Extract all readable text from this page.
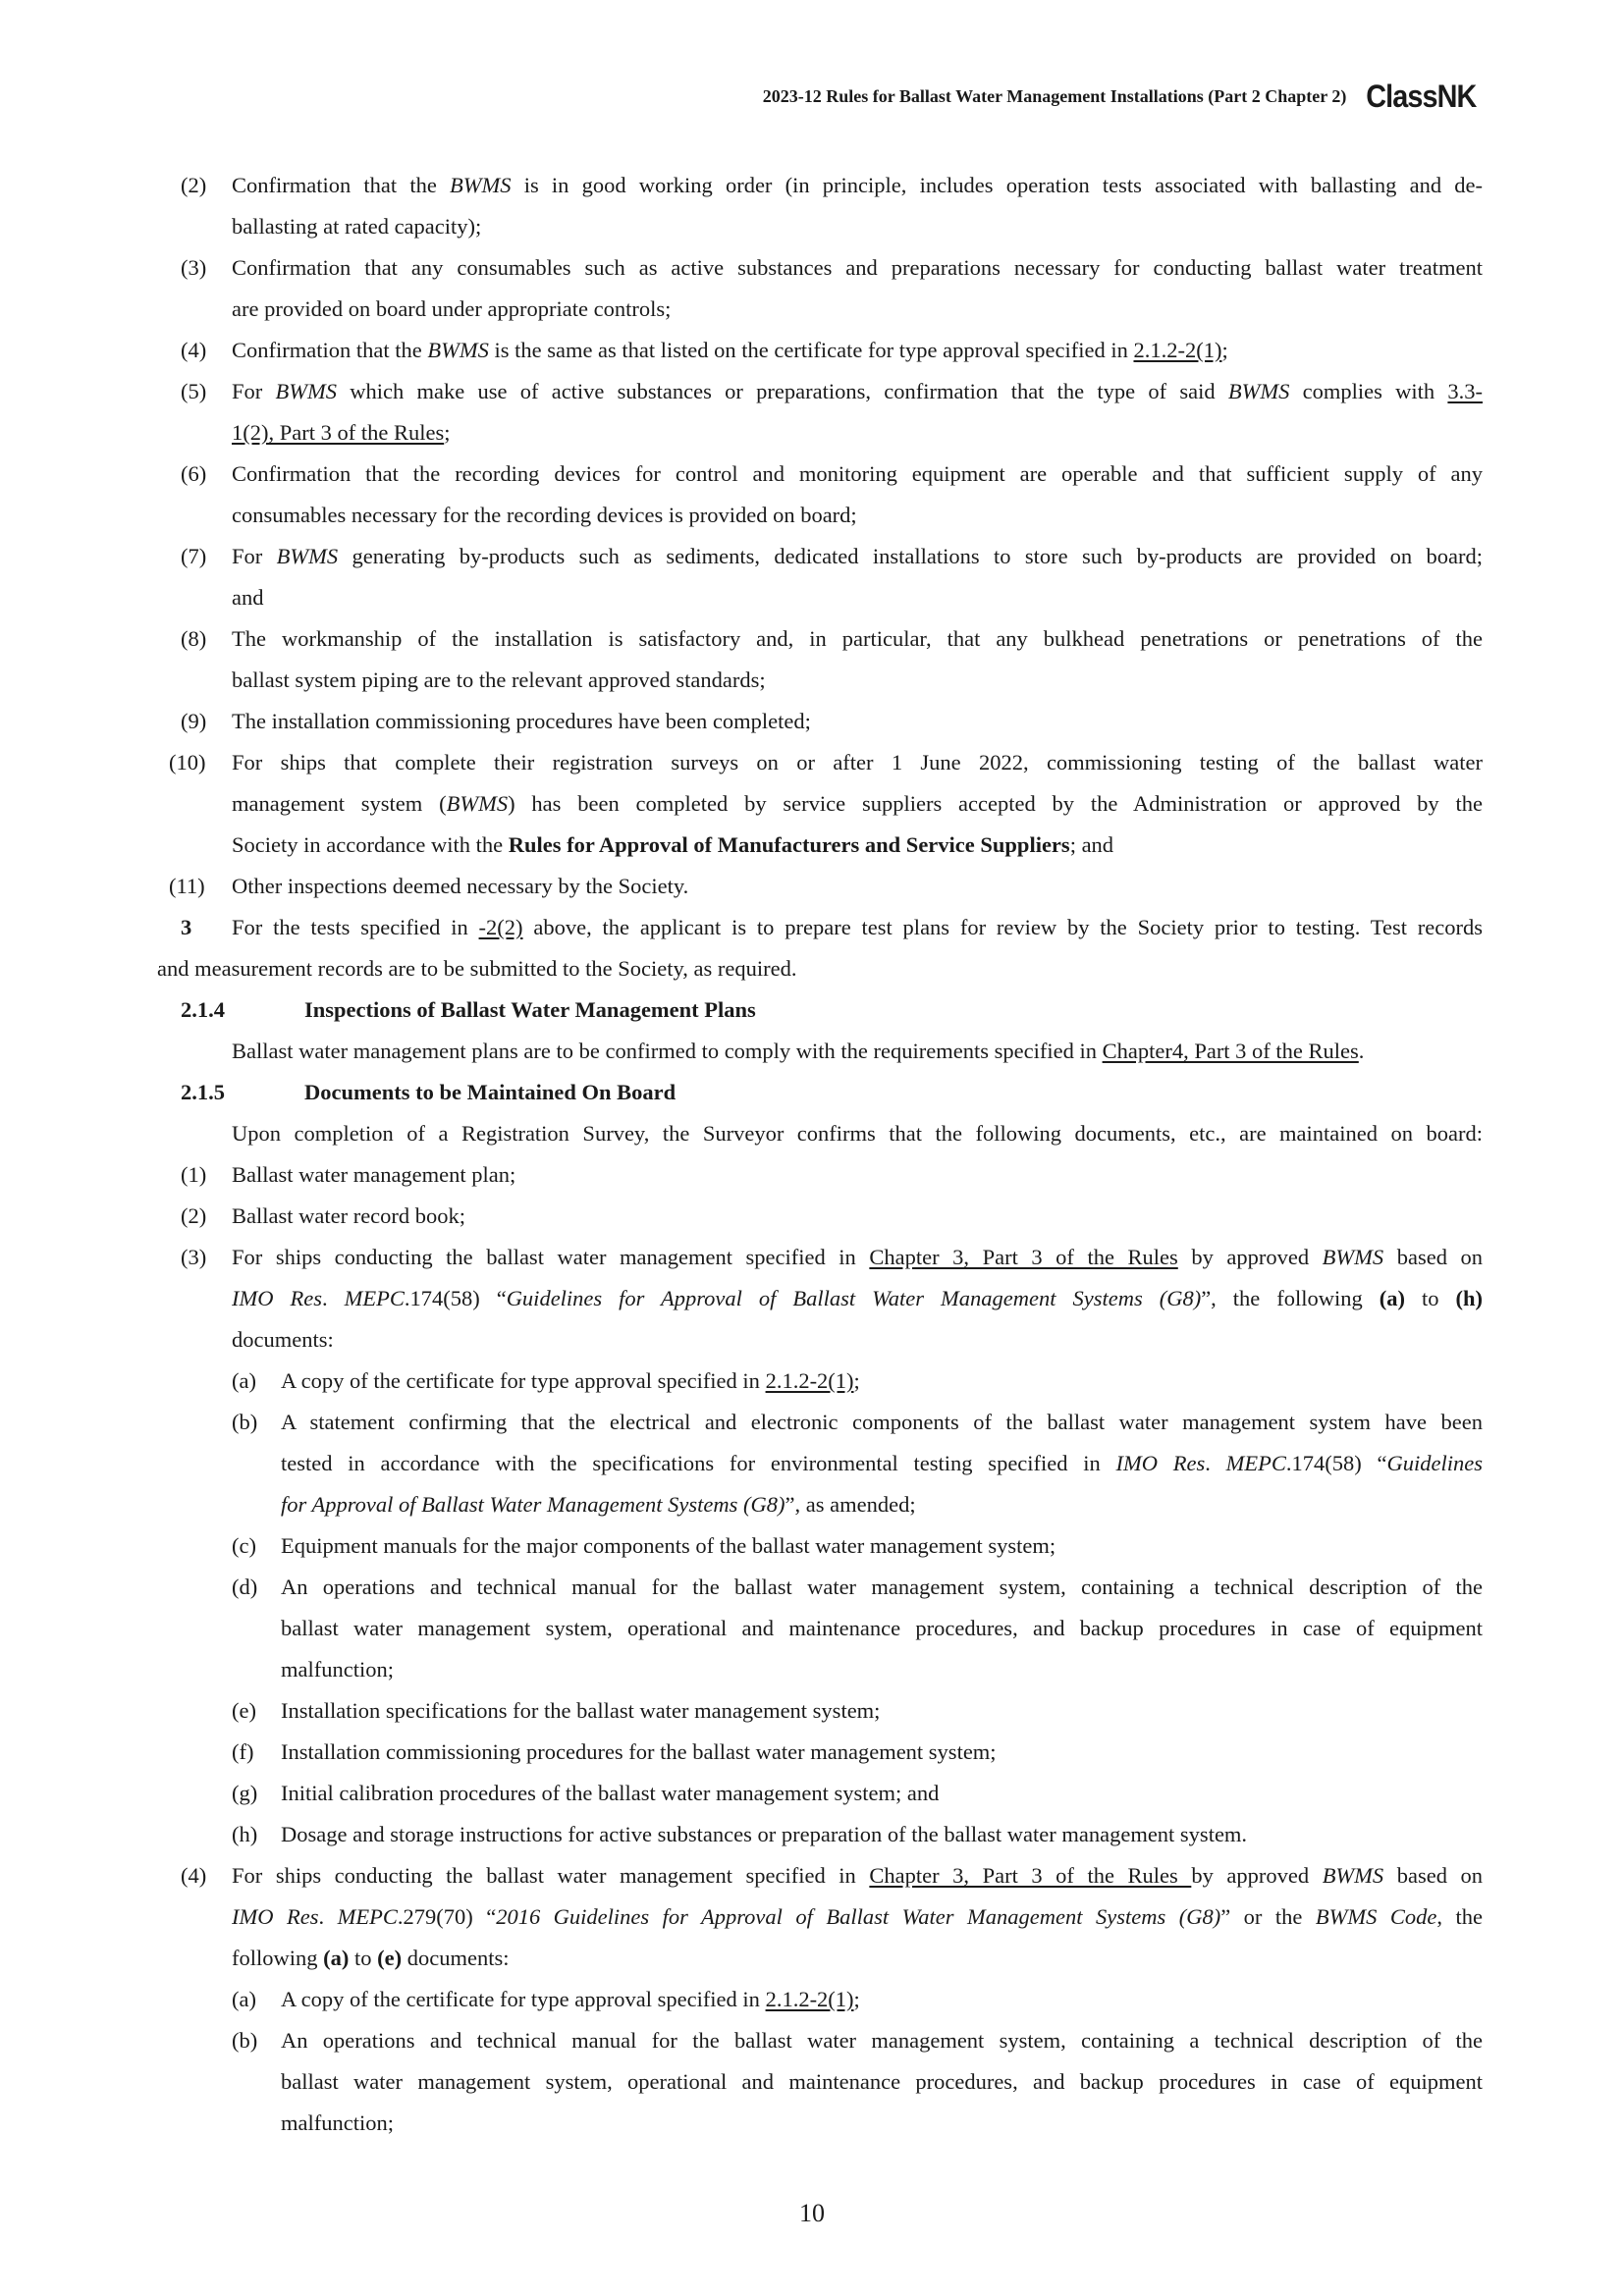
2023-12 Rules for Ballast Water Management Installations (Part 2 Chapter 2) ClassNK
(2) Confirmation that the BWMS is in good working order (in principle, includes operation tests associated with ballasting and de-
ballasting at rated capacity);
(3) Confirmation that any consumables such as active substances and preparations necessary for conducting ballast water treatment
are provided on board under appropriate controls;
(4) Confirmation that the BWMS is the same as that listed on the certificate for type approval specified in 2.1.2-2(1);
(5) For BWMS which make use of active substances or preparations, confirmation that the type of said BWMS complies with 3.3-
1(2), Part 3 of the Rules;
(6) Confirmation that the recording devices for control and monitoring equipment are operable and that sufficient supply of any
consumables necessary for the recording devices is provided on board;
(7) For BWMS generating by-products such as sediments, dedicated installations to store such by-products are provided on board;
and
(8) The workmanship of the installation is satisfactory and, in particular, that any bulkhead penetrations or penetrations of the
ballast system piping are to the relevant approved standards;
(9) The installation commissioning procedures have been completed;
(10) For ships that complete their registration surveys on or after 1 June 2022, commissioning testing of the ballast water
management system (BWMS) has been completed by service suppliers accepted by the Administration or approved by the
Society in accordance with the Rules for Approval of Manufacturers and Service Suppliers; and
(11) Other inspections deemed necessary by the Society.
3 For the tests specified in -2(2) above, the applicant is to prepare test plans for review by the Society prior to testing. Test records
and measurement records are to be submitted to the Society, as required.
2.1.4	Inspections of Ballast Water Management Plans
Ballast water management plans are to be confirmed to comply with the requirements specified in Chapter4, Part 3 of the Rules.
2.1.5	Documents to be Maintained On Board
Upon completion of a Registration Survey, the Surveyor confirms that the following documents, etc., are maintained on board:
(1) Ballast water management plan;
(2) Ballast water record book;
(3) For ships conducting the ballast water management specified in Chapter 3, Part 3 of the Rules by approved BWMS based on
IMO Res. MEPC.174(58) “Guidelines for Approval of Ballast Water Management Systems (G8)”, the following (a) to (h)
documents:
(a) A copy of the certificate for type approval specified in 2.1.2-2(1);
(b) A statement confirming that the electrical and electronic components of the ballast water management system have been
tested in accordance with the specifications for environmental testing specified in IMO Res. MEPC.174(58) “Guidelines
for Approval of Ballast Water Management Systems (G8)”, as amended;
(c) Equipment manuals for the major components of the ballast water management system;
(d) An operations and technical manual for the ballast water management system, containing a technical description of the
ballast water management system, operational and maintenance procedures, and backup procedures in case of equipment
malfunction;
(e) Installation specifications for the ballast water management system;
(f) Installation commissioning procedures for the ballast water management system;
(g) Initial calibration procedures of the ballast water management system; and
(h) Dosage and storage instructions for active substances or preparation of the ballast water management system.
(4) For ships conducting the ballast water management specified in Chapter 3, Part 3 of the Rules by approved BWMS based on
IMO Res. MEPC.279(70) “2016 Guidelines for Approval of Ballast Water Management Systems (G8)” or the BWMS Code, the
following (a) to (e) documents:
(a) A copy of the certificate for type approval specified in 2.1.2-2(1);
(b) An operations and technical manual for the ballast water management system, containing a technical description of the
ballast water management system, operational and maintenance procedures, and backup procedures in case of equipment
malfunction;
10
